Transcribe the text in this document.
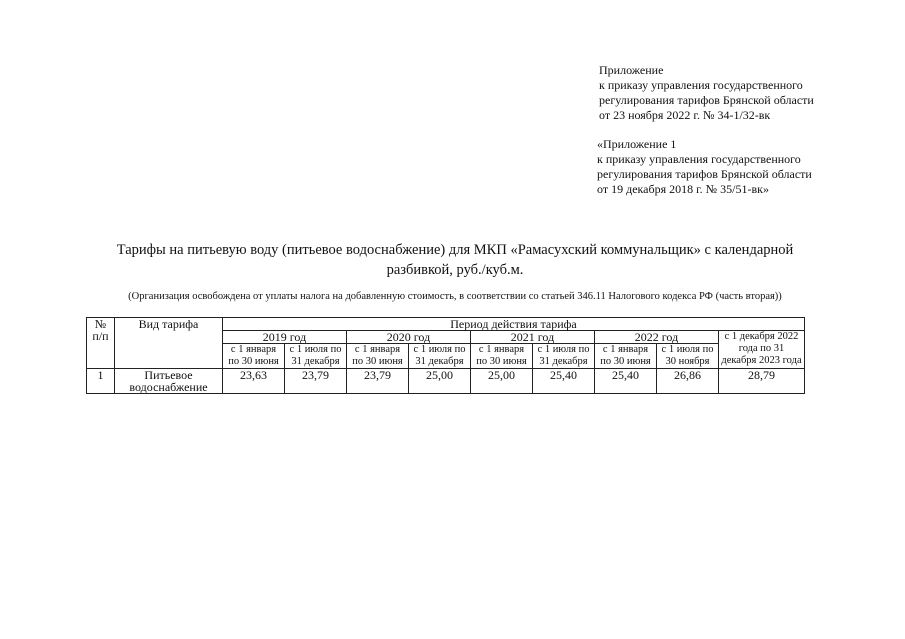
Приложение
к приказу управления государственного
регулирования тарифов Брянской области
от 23 ноября 2022 г. № 34-1/32-вк
«Приложение 1
к приказу управления государственного
регулирования тарифов Брянской области
от 19 декабря 2018 г. № 35/51-вк»
Тарифы на питьевую воду (питьевое водоснабжение) для МКП «Рамасухский коммунальщик» с календарной
разбивкой, руб./куб.м.
(Организация освобождена от уплаты налога на добавленную стоимость, в соответствии со статьей 346.11 Налогового кодекса РФ (часть вторая))
№ п/п	Вид тарифа	Период действия тарифа								
		2019 год		2020 год		2021 год		2022 год		с 1 декабря 2022 года по 31 декабря 2023 года
		с 1 января по 30 июня	с 1 июля по 31 декабря	с 1 января по 30 июня	с 1 июля по 31 декабря	с 1 января по 30 июня	с 1 июля по 31 декабря	с 1 января по 30 июня	с 1 июля по 30 ноября	
1	Питьевое водоснабжение	23,63	23,79	23,79	25,00	25,00	25,40	25,40	26,86	28,79
